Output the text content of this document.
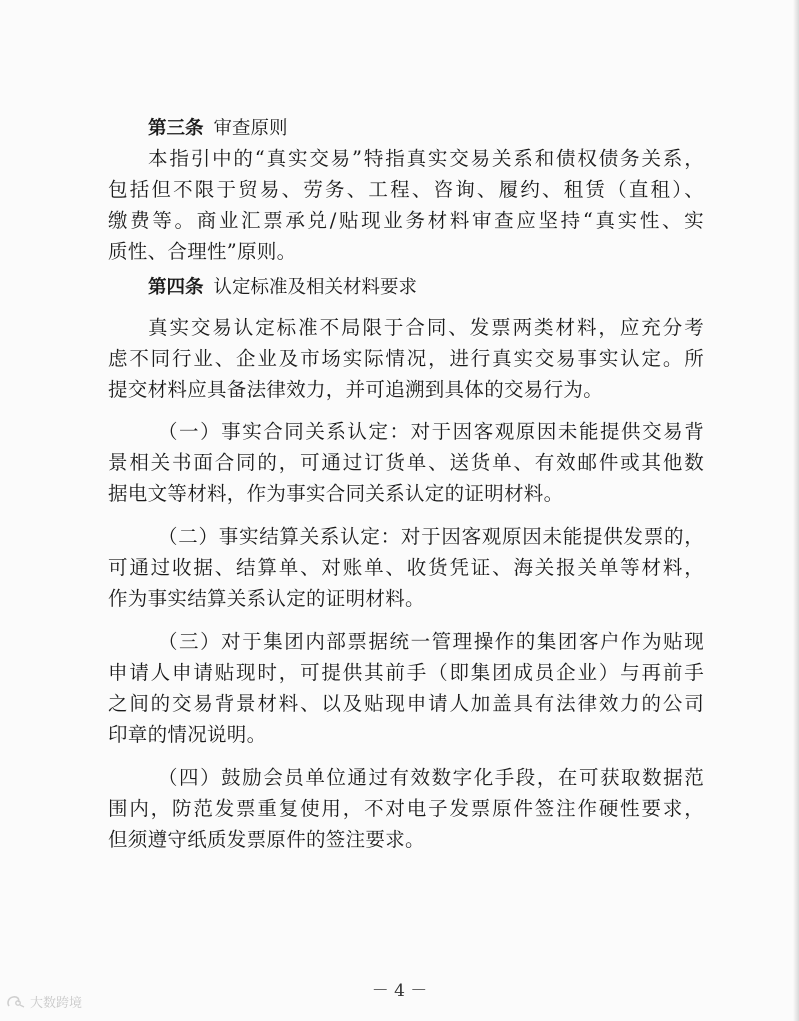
第三条 审查原则

本指引中的“真实交易”特指真实交易关系和债权债务关系，

包括但不限于贸易、劳务、工程、咨询、履约、租赁（直租）、

缴费等。商业汇票承兑/贴现业务材料审查应坚持“真实性、实

质性、合理性”原则。

第四条 认定标准及相关材料要求

真实交易认定标准不局限于合同、发票两类材料，应充分考

虑不同行业、企业及市场实际情况，进行真实交易事实认定。所

提交材料应具备法律效力，并可追溯到具体的交易行为。

（一）事实合同关系认定：对于因客观原因未能提供交易背

景相关书面合同的，可通过订货单、送货单、有效邮件或其他数

据电文等材料，作为事实合同关系认定的证明材料。

（二）事实结算关系认定：对于因客观原因未能提供发票的，

可通过收据、结算单、对账单、收货凭证、海关报关单等材料，

作为事实结算关系认定的证明材料。

（三）对于集团内部票据统一管理操作的集团客户作为贴现

申请人申请贴现时，可提供其前手（即集团成员企业）与再前手

之间的交易背景材料、以及贴现申请人加盖具有法律效力的公司

印章的情况说明。

（四）鼓励会员单位通过有效数字化手段，在可获取数据范

围内，防范发票重复使用，不对电子发票原件签注作硬性要求，

但须遵守纸质发票原件的签注要求。

－ 4 －
大数跨境
